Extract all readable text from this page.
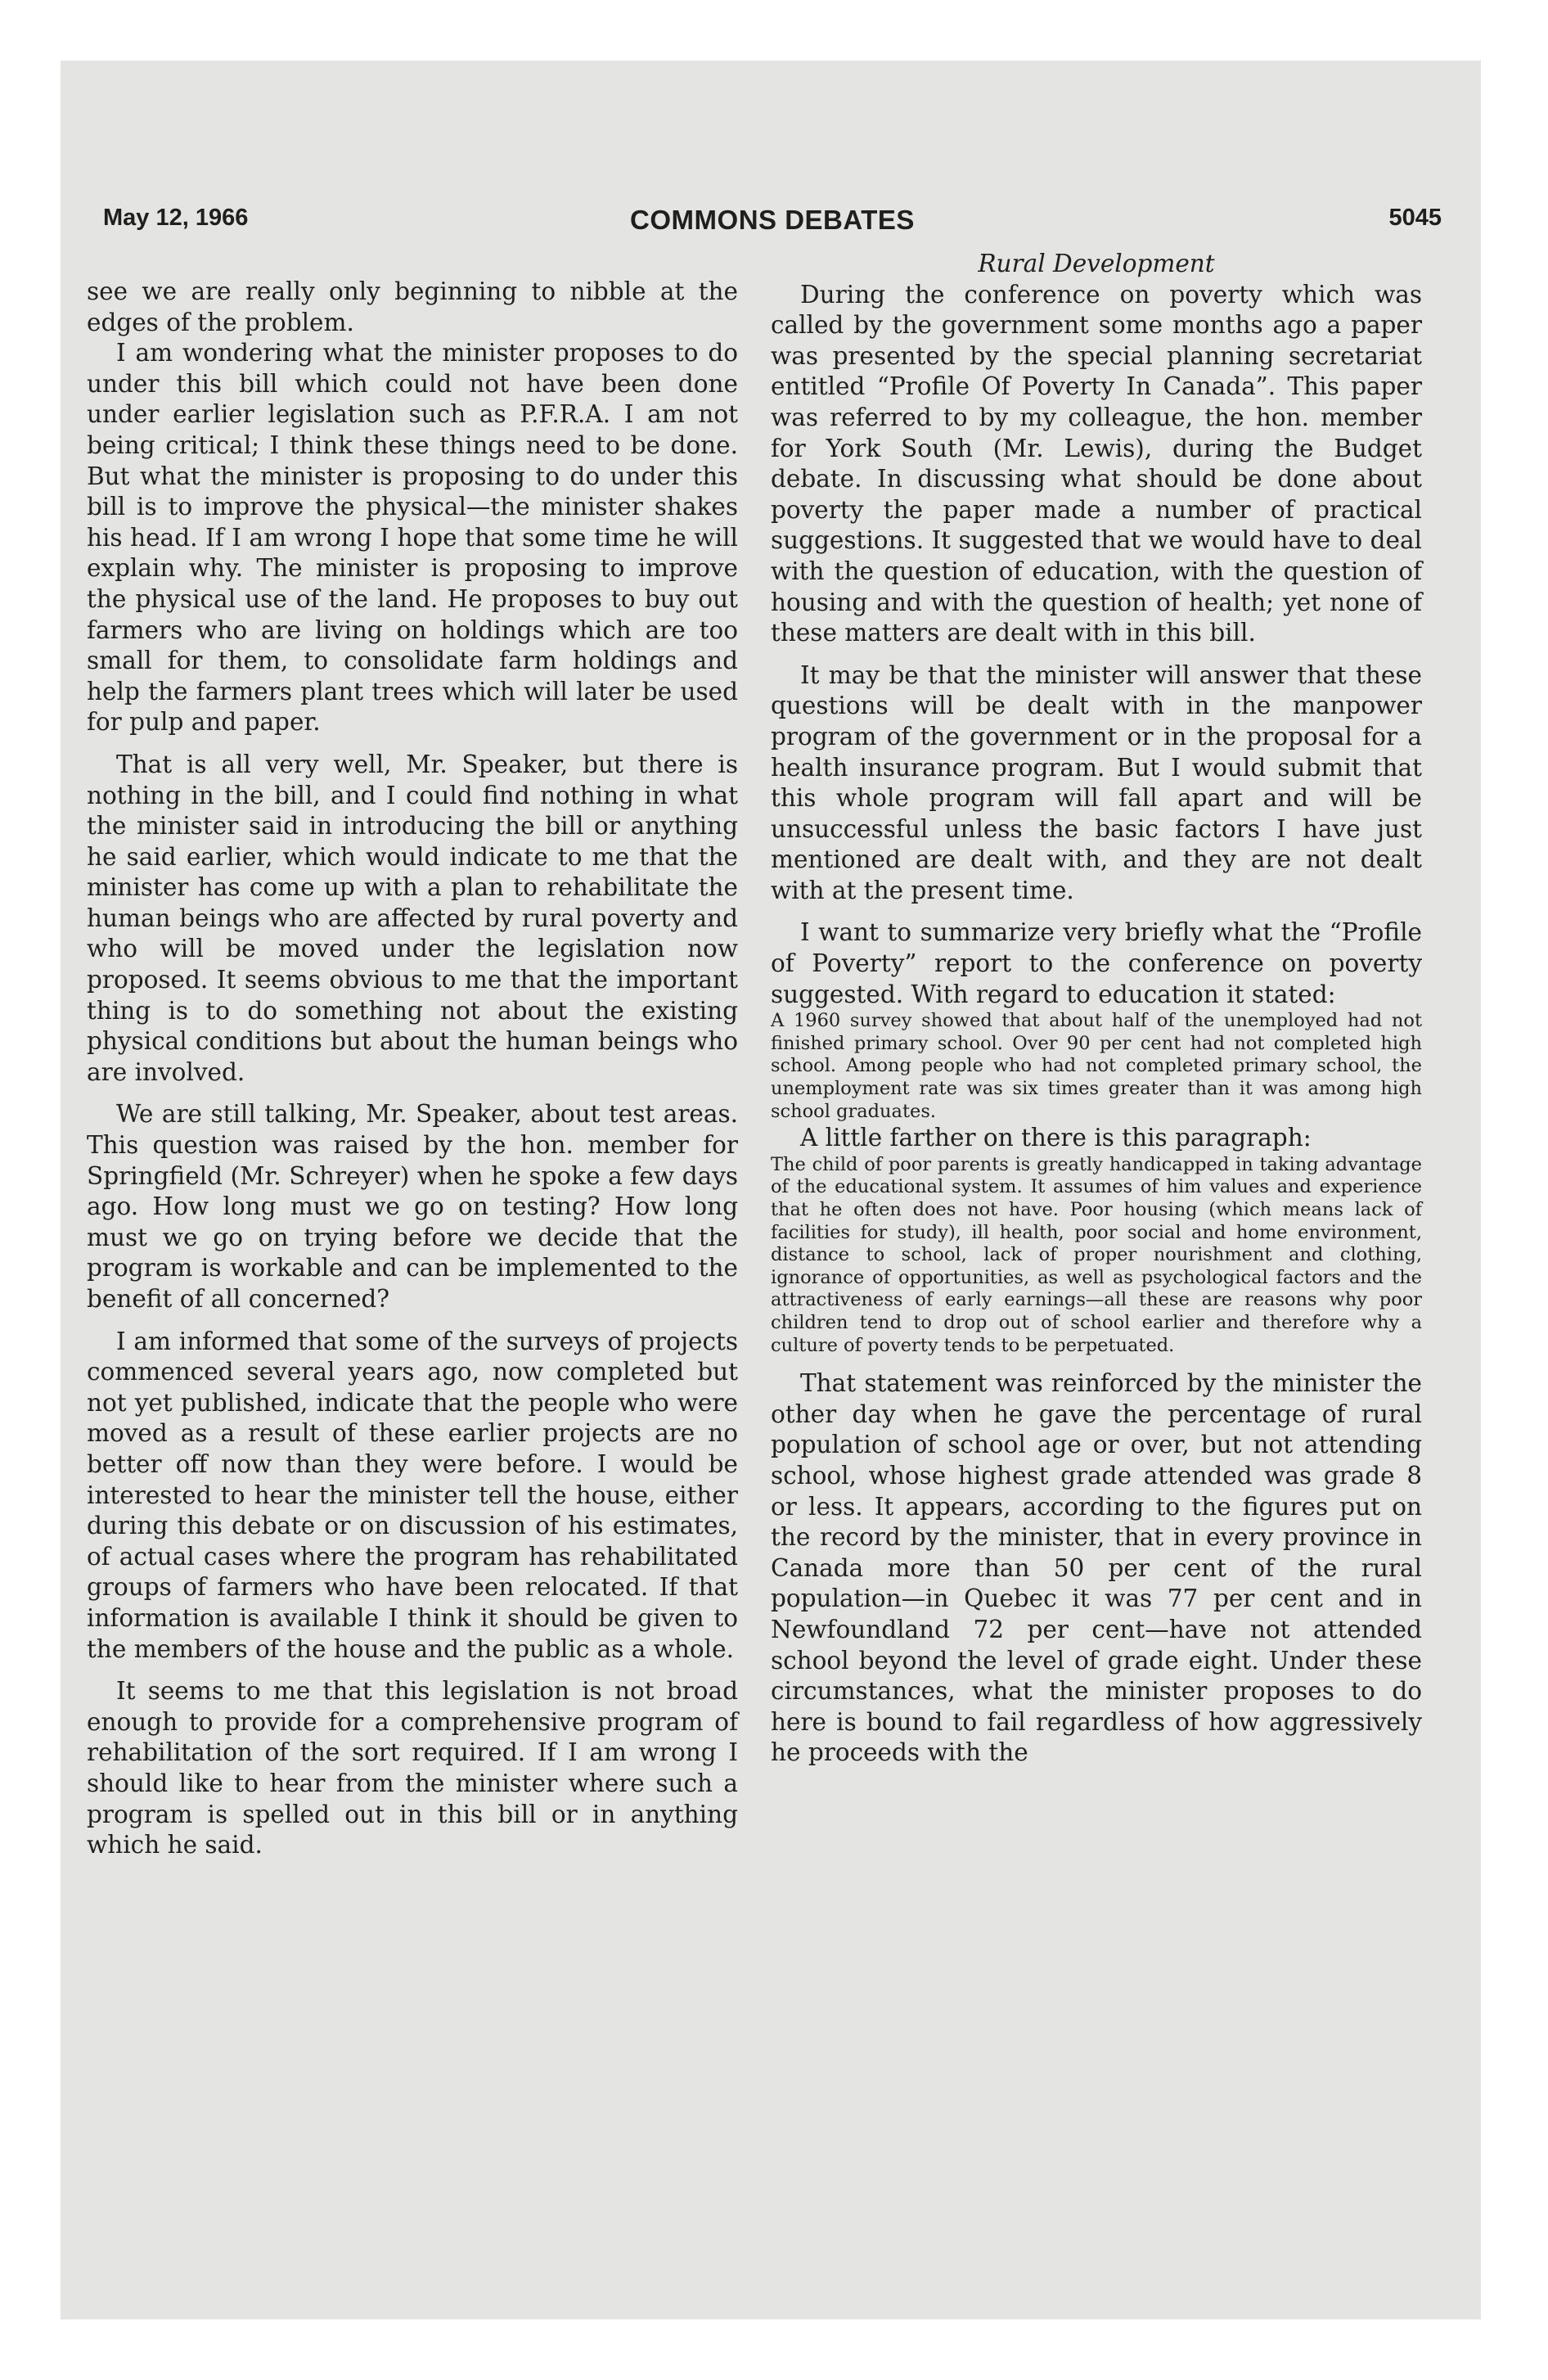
May 12, 1966	COMMONS DEBATES	5045

see we are really only beginning to nibble at the edges of the problem.

I am wondering what the minister proposes to do under this bill which could not have been done under earlier legislation such as P.F.R.A. I am not being critical; I think these things need to be done. But what the minister is proposing to do under this bill is to improve the physical—the minister shakes his head. If I am wrong I hope that some time he will explain why. The minister is proposing to improve the physical use of the land. He proposes to buy out farmers who are living on holdings which are too small for them, to consolidate farm holdings and help the farmers plant trees which will later be used for pulp and paper.

That is all very well, Mr. Speaker, but there is nothing in the bill, and I could find nothing in what the minister said in introducing the bill or anything he said earlier, which would indicate to me that the minister has come up with a plan to rehabilitate the human beings who are affected by rural poverty and who will be moved under the legislation now proposed. It seems obvious to me that the important thing is to do something not about the existing physical conditions but about the human beings who are involved.

We are still talking, Mr. Speaker, about test areas. This question was raised by the hon. member for Springfield (Mr. Schreyer) when he spoke a few days ago. How long must we go on testing? How long must we go on trying before we decide that the program is workable and can be implemented to the benefit of all concerned?

I am informed that some of the surveys of projects commenced several years ago, now completed but not yet published, indicate that the people who were moved as a result of these earlier projects are no better off now than they were before. I would be interested to hear the minister tell the house, either during this debate or on discussion of his estimates, of actual cases where the program has rehabilitated groups of farmers who have been relocated. If that information is available I think it should be given to the members of the house and the public as a whole.

It seems to me that this legislation is not broad enough to provide for a comprehensive program of rehabilitation of the sort required. If I am wrong I should like to hear from the minister where such a program is spelled out in this bill or in anything which he said.

Rural Development

During the conference on poverty which was called by the government some months ago a paper was presented by the special planning secretariat entitled “Profile Of Poverty In Canada”. This paper was referred to by my colleague, the hon. member for York South (Mr. Lewis), during the Budget debate. In discussing what should be done about poverty the paper made a number of practical suggestions. It suggested that we would have to deal with the question of education, with the question of housing and with the question of health; yet none of these matters are dealt with in this bill.

It may be that the minister will answer that these questions will be dealt with in the manpower program of the government or in the proposal for a health insurance program. But I would submit that this whole program will fall apart and will be unsuccessful unless the basic factors I have just mentioned are dealt with, and they are not dealt with at the present time.

I want to summarize very briefly what the “Profile of Poverty” report to the conference on poverty suggested. With regard to education it stated:

A 1960 survey showed that about half of the unemployed had not finished primary school. Over 90 per cent had not completed high school. Among people who had not completed primary school, the unemployment rate was six times greater than it was among high school graduates.

A little farther on there is this paragraph:

The child of poor parents is greatly handicapped in taking advantage of the educational system. It assumes of him values and experience that he often does not have. Poor housing (which means lack of facilities for study), ill health, poor social and home environment, distance to school, lack of proper nourishment and clothing, ignorance of opportunities, as well as psychological factors and the attractiveness of early earnings—all these are reasons why poor children tend to drop out of school earlier and therefore why a culture of poverty tends to be perpetuated.

That statement was reinforced by the minister the other day when he gave the percentage of rural population of school age or over, but not attending school, whose highest grade attended was grade 8 or less. It appears, according to the figures put on the record by the minister, that in every province in Canada more than 50 per cent of the rural population—in Quebec it was 77 per cent and in Newfoundland 72 per cent—have not attended school beyond the level of grade eight. Under these circumstances, what the minister proposes to do here is bound to fail regardless of how aggressively he proceeds with the
